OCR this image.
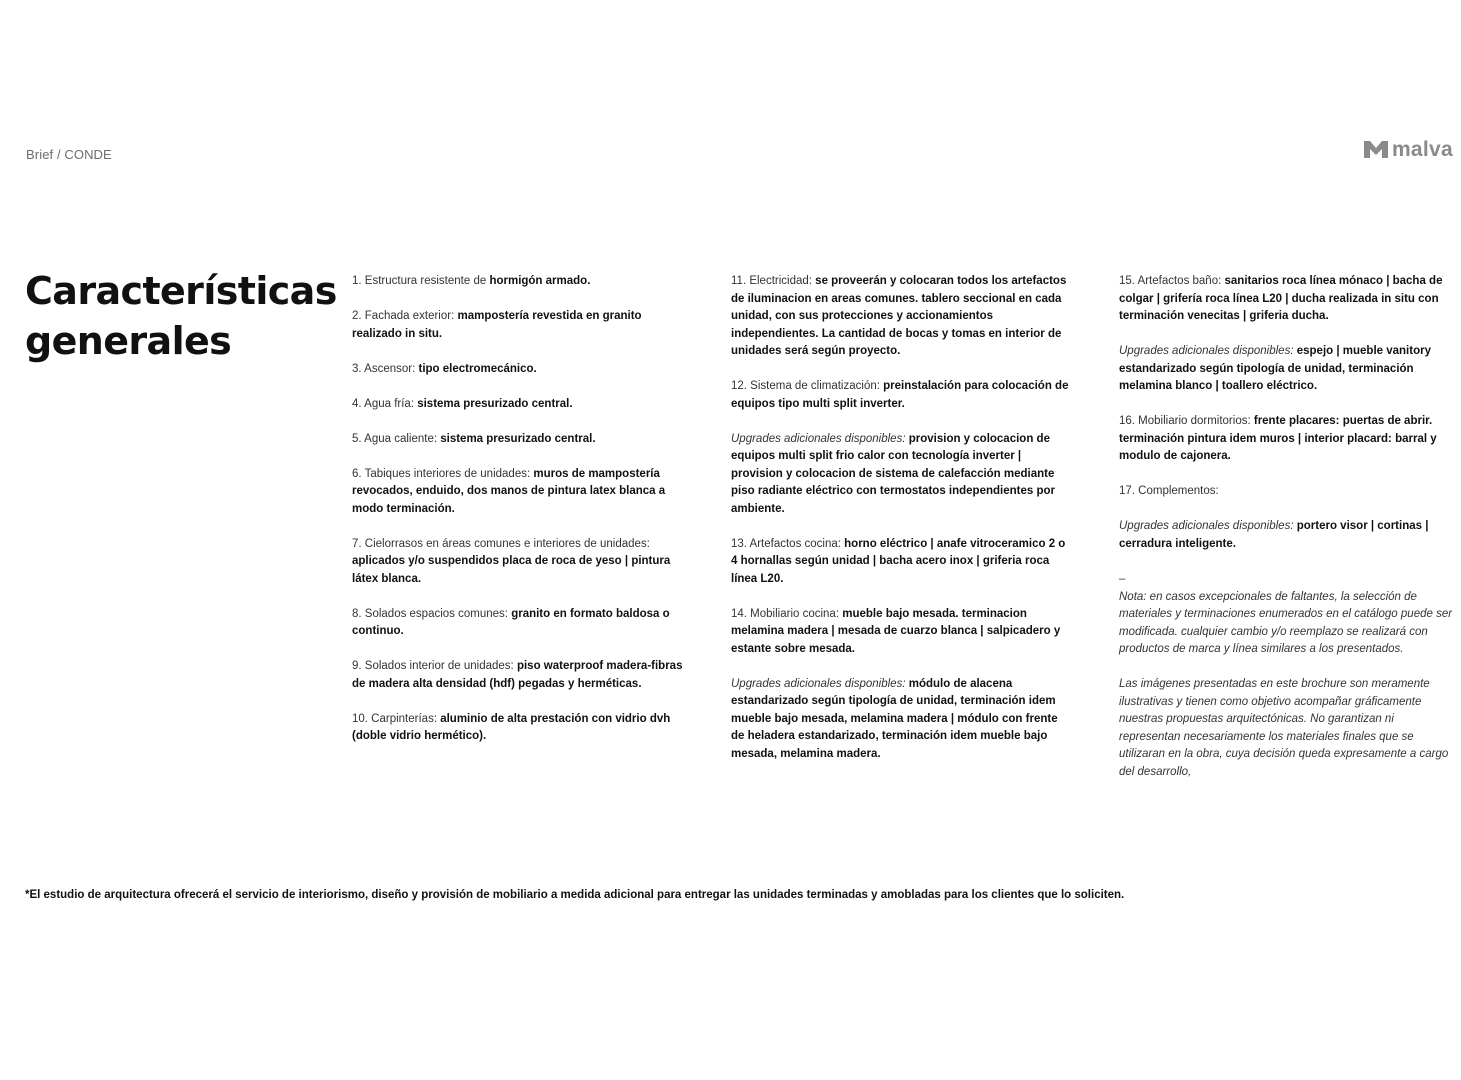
Brief / CONDE	malva
Características
generales

1. Estructura resistente de hormigón armado.

2. Fachada exterior: mampostería revestida en granito realizado in situ.

3. Ascensor: tipo electromecánico.

4. Agua fría: sistema presurizado central.

5. Agua caliente: sistema presurizado central.

6. Tabiques interiores de unidades: muros de mampostería revocados, enduido, dos manos de pintura latex blanca a modo terminación.

7. Cielorrasos en áreas comunes e interiores de unidades: aplicados y/o suspendidos placa de roca de yeso | pintura látex blanca.

8. Solados espacios comunes: granito en formato baldosa o continuo.

9. Solados interior de unidades: piso waterproof madera-fibras de madera alta densidad (hdf) pegadas y herméticas.

10. Carpinterías: aluminio de alta prestación con vidrio dvh (doble vidrio hermético).

11. Electricidad: se proveerán y colocaran todos los artefactos de iluminacion en areas comunes. tablero seccional en cada unidad, con sus protecciones y accionamientos independientes. La cantidad de bocas y tomas en interior de unidades será según proyecto.

12. Sistema de climatización: preinstalación para colocación de equipos tipo multi split inverter.

Upgrades adicionales disponibles: provision y colocacion de equipos multi split frio calor con tecnología inverter | provision y colocacion de sistema de calefacción mediante piso radiante eléctrico con termostatos independientes por ambiente.

13. Artefactos cocina: horno eléctrico | anafe vitroceramico 2 o 4 hornallas según unidad | bacha acero inox | griferia roca línea L20.

14. Mobiliario cocina: mueble bajo mesada. terminacion melamina madera | mesada de cuarzo blanca | salpicadero y estante sobre mesada.

Upgrades adicionales disponibles: módulo de alacena estandarizado según tipología de unidad, terminación idem mueble bajo mesada, melamina madera | módulo con frente de heladera estandarizado, terminación idem mueble bajo mesada, melamina madera.

15. Artefactos baño: sanitarios roca línea mónaco | bacha de colgar | grifería roca línea L20 | ducha realizada in situ con terminación venecitas | griferia ducha.

Upgrades adicionales disponibles: espejo | mueble vanitory estandarizado según tipología de unidad, terminación melamina blanco | toallero eléctrico.

16. Mobiliario dormitorios: frente placares: puertas de abrir. terminación pintura idem muros | interior placard: barral y modulo de cajonera.

17. Complementos:

Upgrades adicionales disponibles: portero visor | cortinas | cerradura inteligente.

–

Nota: en casos excepcionales de faltantes, la selección de materiales y terminaciones enumerados en el catálogo puede ser modificada. cualquier cambio y/o reemplazo se realizará con productos de marca y línea similares a los presentados.

Las imágenes presentadas en este brochure son meramente ilustrativas y tienen como objetivo acompañar gráficamente nuestras propuestas arquitectónicas. No garantizan ni representan necesariamente los materiales finales que se utilizaran en la obra, cuya decisión queda expresamente a cargo del desarrollo,

*El estudio de arquitectura ofrecerá el servicio de interiorismo, diseño y provisión de mobiliario a medida adicional para entregar las unidades terminadas y amobladas para los clientes que lo soliciten.
